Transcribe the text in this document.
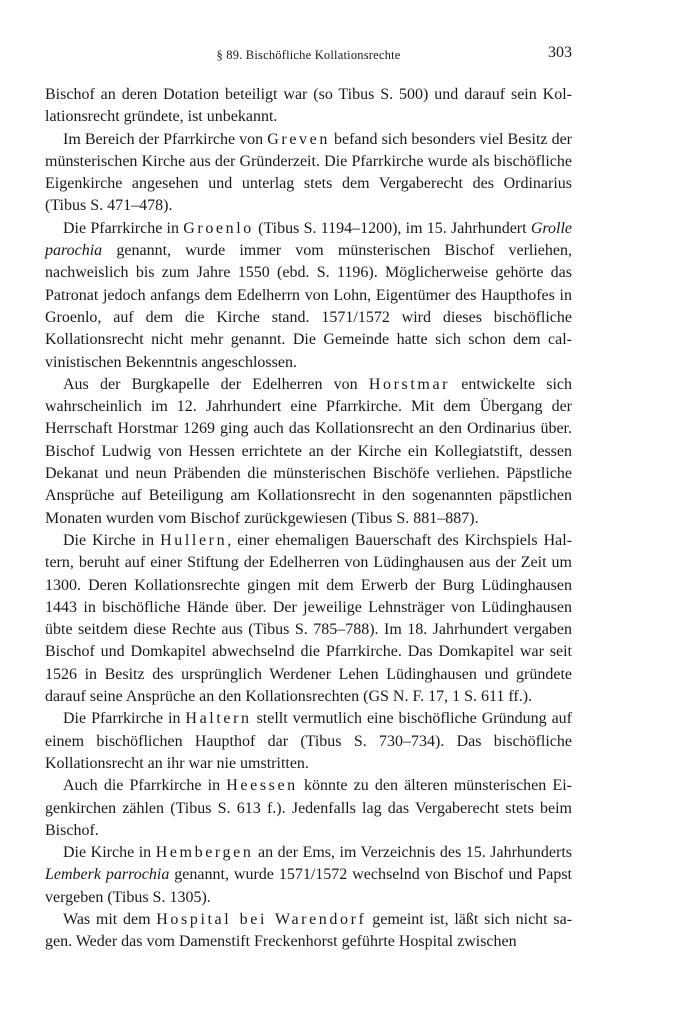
§ 89. Bischöfliche Kollationsrechte	303

Bischof an deren Dotation beteiligt war (so Tibus S. 500) und darauf sein Kollationsrecht gründete, ist unbekannt.

Im Bereich der Pfarrkirche von Greven befand sich besonders viel Besitz der münsterischen Kirche aus der Gründerzeit. Die Pfarrkirche wurde als bischöfliche Eigenkirche angesehen und unterlag stets dem Vergaberecht des Ordinarius (Tibus S. 471–478).

Die Pfarrkirche in Groenlo (Tibus S. 1194–1200), im 15. Jahrhundert Grolle parochia genannt, wurde immer vom münsterischen Bischof verliehen, nachweislich bis zum Jahre 1550 (ebd. S. 1196). Möglicherweise gehörte das Patronat jedoch anfangs dem Edelherrn von Lohn, Eigentümer des Haupthofes in Groenlo, auf dem die Kirche stand. 1571/1572 wird dieses bischöfliche Kollationsrecht nicht mehr genannt. Die Gemeinde hatte sich schon dem calvinistischen Bekenntnis angeschlossen.

Aus der Burgkapelle der Edelherren von Horstmar entwickelte sich wahrscheinlich im 12. Jahrhundert eine Pfarrkirche. Mit dem Übergang der Herrschaft Horstmar 1269 ging auch das Kollationsrecht an den Ordinarius über. Bischof Ludwig von Hessen errichtete an der Kirche ein Kollegiatstift, dessen Dekanat und neun Präbenden die münsterischen Bischöfe verliehen. Päpstliche Ansprüche auf Beteiligung am Kollationsrecht in den sogenannten päpstlichen Monaten wurden vom Bischof zurückgewiesen (Tibus S. 881–887).

Die Kirche in Hullern, einer ehemaligen Bauerschaft des Kirchspiels Haltern, beruht auf einer Stiftung der Edelherren von Lüdinghausen aus der Zeit um 1300. Deren Kollationsrechte gingen mit dem Erwerb der Burg Lüdinghausen 1443 in bischöfliche Hände über. Der jeweilige Lehnsträger von Lüdinghausen übte seitdem diese Rechte aus (Tibus S. 785–788). Im 18. Jahrhundert vergaben Bischof und Domkapitel abwechselnd die Pfarrkirche. Das Domkapitel war seit 1526 in Besitz des ursprünglich Werdener Lehen Lüdinghausen und gründete darauf seine Ansprüche an den Kollationsrechten (GS N. F. 17, 1 S. 611 ff.).

Die Pfarrkirche in Haltern stellt vermutlich eine bischöfliche Gründung auf einem bischöflichen Haupthof dar (Tibus S. 730–734). Das bischöfliche Kollationsrecht an ihr war nie umstritten.

Auch die Pfarrkirche in Heessen könnte zu den älteren münsterischen Eigenkirchen zählen (Tibus S. 613 f.). Jedenfalls lag das Vergaberecht stets beim Bischof.

Die Kirche in Hembergen an der Ems, im Verzeichnis des 15. Jahrhunderts Lemberk parrochia genannt, wurde 1571/1572 wechselnd von Bischof und Papst vergeben (Tibus S. 1305).

Was mit dem Hospital bei Warendorf gemeint ist, läßt sich nicht sagen. Weder das vom Damenstift Freckenhorst geführte Hospital zwischen
